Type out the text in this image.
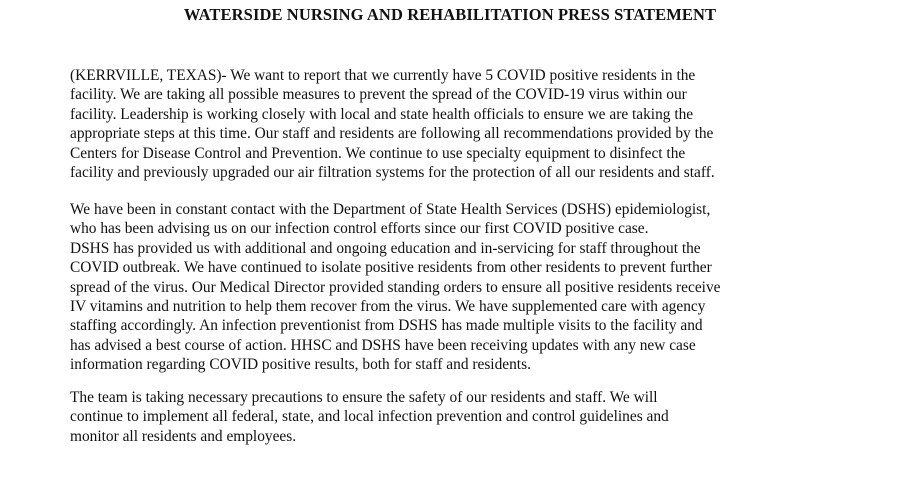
WATERSIDE NURSING AND REHABILITATION PRESS STATEMENT
(KERRVILLE, TEXAS)- We want to report that we currently have 5 COVID positive residents in the
facility. We are taking all possible measures to prevent the spread of the COVID-19 virus within our
facility. Leadership is working closely with local and state health officials to ensure we are taking the
appropriate steps at this time. Our staff and residents are following all recommendations provided by the
Centers for Disease Control and Prevention. We continue to use specialty equipment to disinfect the
facility and previously upgraded our air filtration systems for the protection of all our residents and staff.
We have been in constant contact with the Department of State Health Services (DSHS) epidemiologist,
who has been advising us on our infection control efforts since our first COVID positive case.
DSHS has provided us with additional and ongoing education and in-servicing for staff throughout the
COVID outbreak. We have continued to isolate positive residents from other residents to prevent further
spread of the virus. Our Medical Director provided standing orders to ensure all positive residents receive
IV vitamins and nutrition to help them recover from the virus. We have supplemented care with agency
staffing accordingly. An infection preventionist from DSHS has made multiple visits to the facility and
has advised a best course of action. HHSC and DSHS have been receiving updates with any new case
information regarding COVID positive results, both for staff and residents.
The team is taking necessary precautions to ensure the safety of our residents and staff. We will
continue to implement all federal, state, and local infection prevention and control guidelines and
monitor all residents and employees.
